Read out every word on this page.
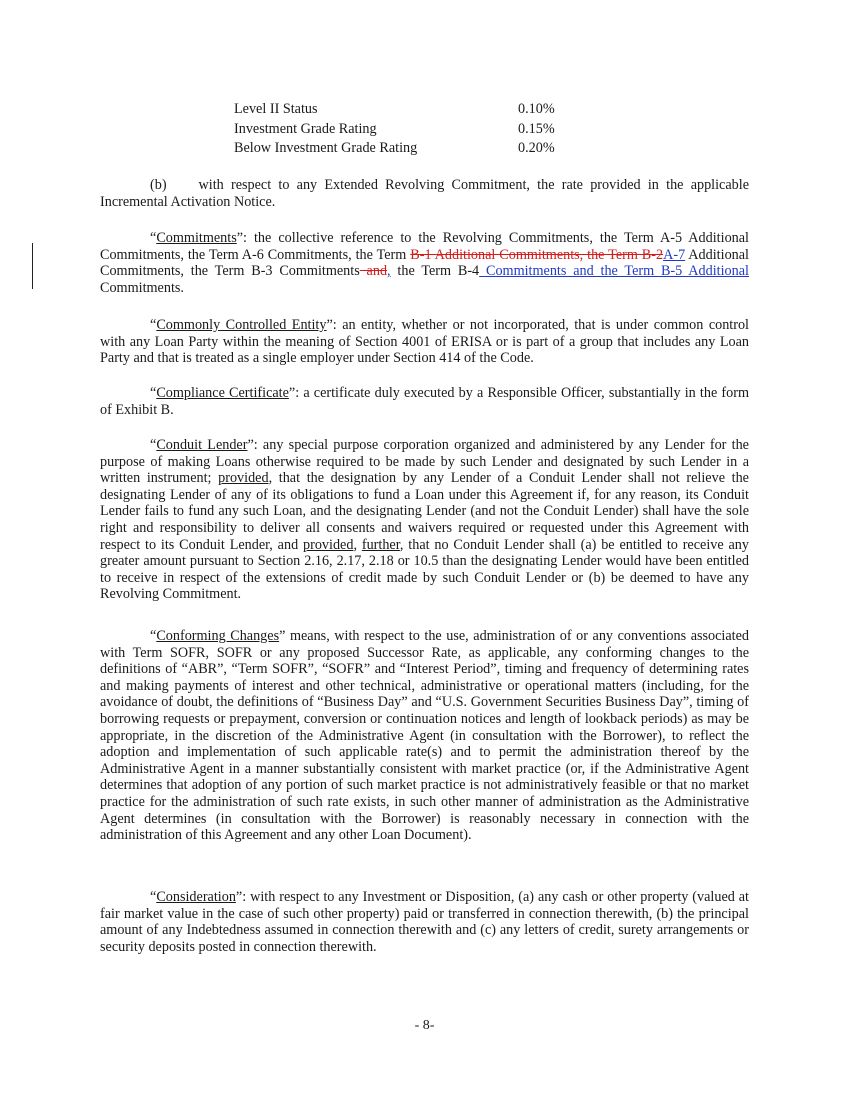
Level II Status	0.10%
Investment Grade Rating	0.15%
Below Investment Grade Rating	0.20%

(b) with respect to any Extended Revolving Commitment, the rate provided in the applicable Incremental Activation Notice.

“Commitments”: the collective reference to the Revolving Commitments, the Term A-5 Additional Commitments, the Term A-6 Commitments, the Term B-1 Additional Commitments, the Term B-2A-7 Additional Commitments, the Term B-3 Commitments and, the Term B-4 Commitments and the Term B-5 Additional Commitments.

“Commonly Controlled Entity”: an entity, whether or not incorporated, that is under common control with any Loan Party within the meaning of Section 4001 of ERISA or is part of a group that includes any Loan Party and that is treated as a single employer under Section 414 of the Code.

“Compliance Certificate”: a certificate duly executed by a Responsible Officer, substantially in the form of Exhibit B.

“Conduit Lender”: any special purpose corporation organized and administered by any Lender for the purpose of making Loans otherwise required to be made by such Lender and designated by such Lender in a written instrument; provided, that the designation by any Lender of a Conduit Lender shall not relieve the designating Lender of any of its obligations to fund a Loan under this Agreement if, for any reason, its Conduit Lender fails to fund any such Loan, and the designating Lender (and not the Conduit Lender) shall have the sole right and responsibility to deliver all consents and waivers required or requested under this Agreement with respect to its Conduit Lender, and provided, further, that no Conduit Lender shall (a) be entitled to receive any greater amount pursuant to Section 2.16, 2.17, 2.18 or 10.5 than the designating Lender would have been entitled to receive in respect of the extensions of credit made by such Conduit Lender or (b) be deemed to have any Revolving Commitment.

“Conforming Changes” means, with respect to the use, administration of or any conventions associated with Term SOFR, SOFR or any proposed Successor Rate, as applicable, any conforming changes to the definitions of “ABR”, “Term SOFR”, “SOFR” and “Interest Period”, timing and frequency of determining rates and making payments of interest and other technical, administrative or operational matters (including, for the avoidance of doubt, the definitions of “Business Day” and “U.S. Government Securities Business Day”, timing of borrowing requests or prepayment, conversion or continuation notices and length of lookback periods) as may be appropriate, in the discretion of the Administrative Agent (in consultation with the Borrower), to reflect the adoption and implementation of such applicable rate(s) and to permit the administration thereof by the Administrative Agent in a manner substantially consistent with market practice (or, if the Administrative Agent determines that adoption of any portion of such market practice is not administratively feasible or that no market practice for the administration of such rate exists, in such other manner of administration as the Administrative Agent determines (in consultation with the Borrower) is reasonably necessary in connection with the administration of this Agreement and any other Loan Document).

“Consideration”: with respect to any Investment or Disposition, (a) any cash or other property (valued at fair market value in the case of such other property) paid or transferred in connection therewith, (b) the principal amount of any Indebtedness assumed in connection therewith and (c) any letters of credit, surety arrangements or security deposits posted in connection therewith.

- 8-
